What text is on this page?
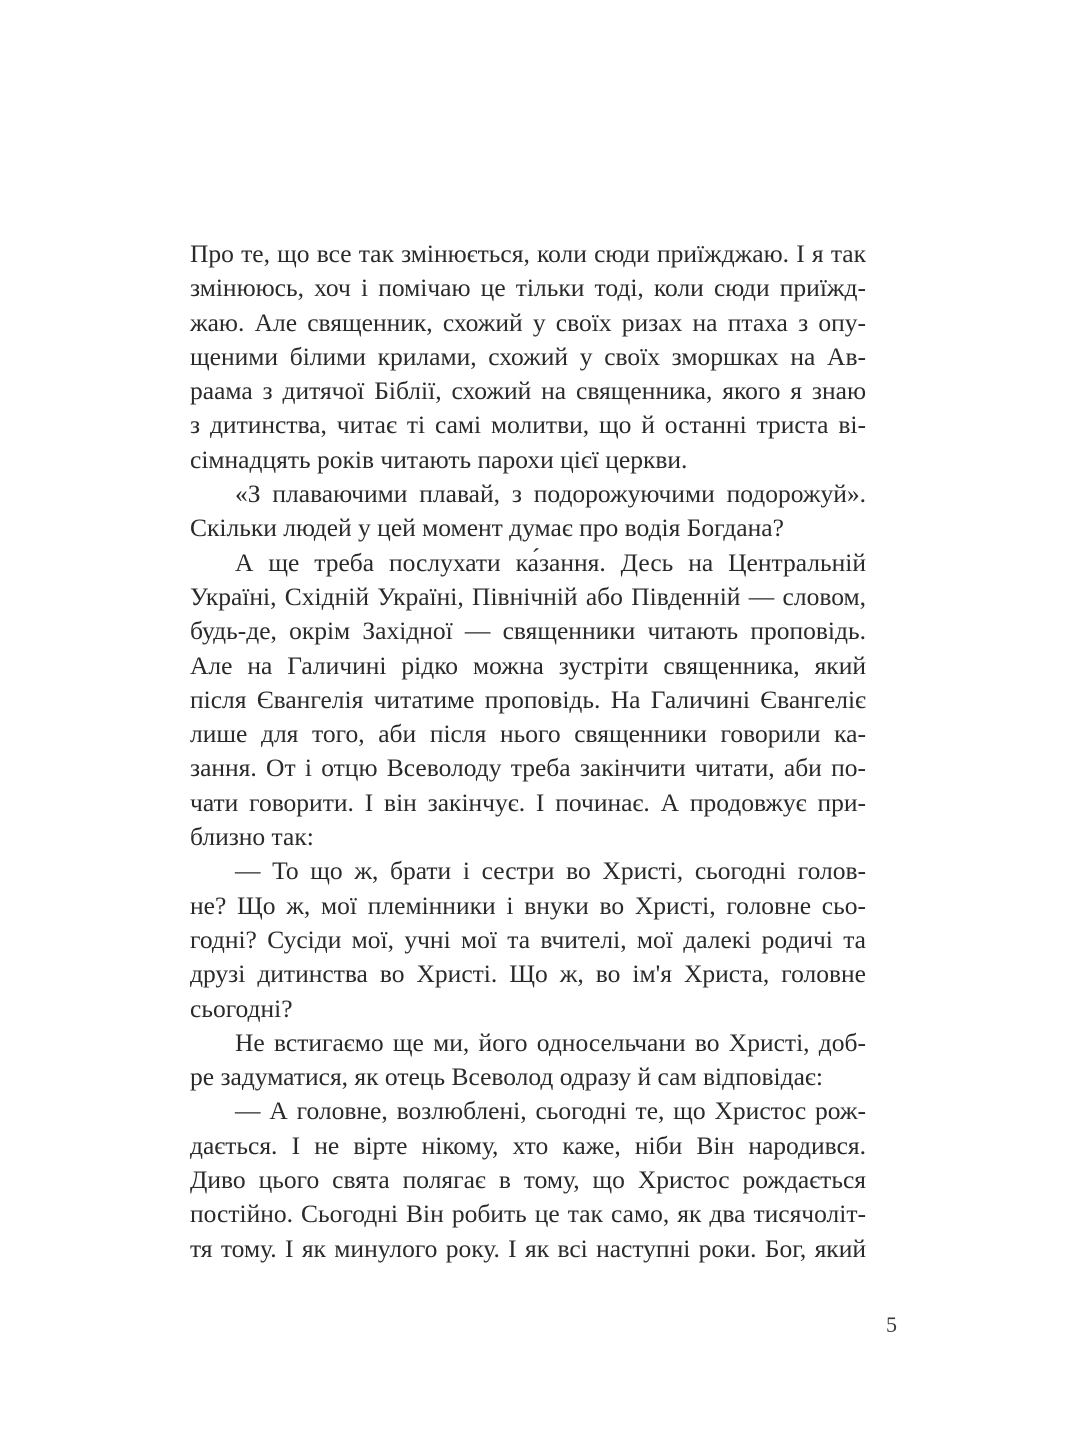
Про те, що все так змінюється, коли сюди приїжджаю. І я так
змінююсь, хоч і помічаю це тільки тоді, коли сюди приїжд-
жаю. Але священник, схожий у своїх ризах на птаха з опу-
щеними білими крилами, схожий у своїх зморшках на Ав-
раама з дитячої Біблії, схожий на священника, якого я знаю
з дитинства, читає ті самі молитви, що й останні триста ві-
сімнадцять років читають парохи цієї церкви.
«З плаваючими плавай, з подорожуючими подорожуй».
Скільки людей у цей момент думає про водія Богдана?
А ще треба послухати ка́зання. Десь на Центральній
Україні, Східній Україні, Північній або Південній — словом,
будь-де, окрім Західної — священники читають проповідь.
Але на Галичині рідко можна зустріти священника, який
після Євангелія читатиме проповідь. На Галичині Євангеліє
лише для того, аби після нього священники говорили ка-
зання. От і отцю Всеволоду треба закінчити читати, аби по-
чати говорити. І він закінчує. І починає. А продовжує при-
близно так:
— То що ж, брати і сестри во Христі, сьогодні голов-
не? Що ж, мої племінники і внуки во Христі, головне сьо-
годні? Сусіди мої, учні мої та вчителі, мої далекі родичі та
друзі дитинства во Христі. Що ж, во ім'я Христа, головне
сьогодні?
Не встигаємо ще ми, його односельчани во Христі, доб-
ре задуматися, як отець Всеволод одразу й сам відповідає:
— А головне, возлюблені, сьогодні те, що Христос рож-
дається. І не вірте нікому, хто каже, ніби Він народився.
Диво цього свята полягає в тому, що Христос рождається
постійно. Сьогодні Він робить це так само, як два тисячоліт-
тя тому. І як минулого року. І як всі наступні роки. Бог, який
5
